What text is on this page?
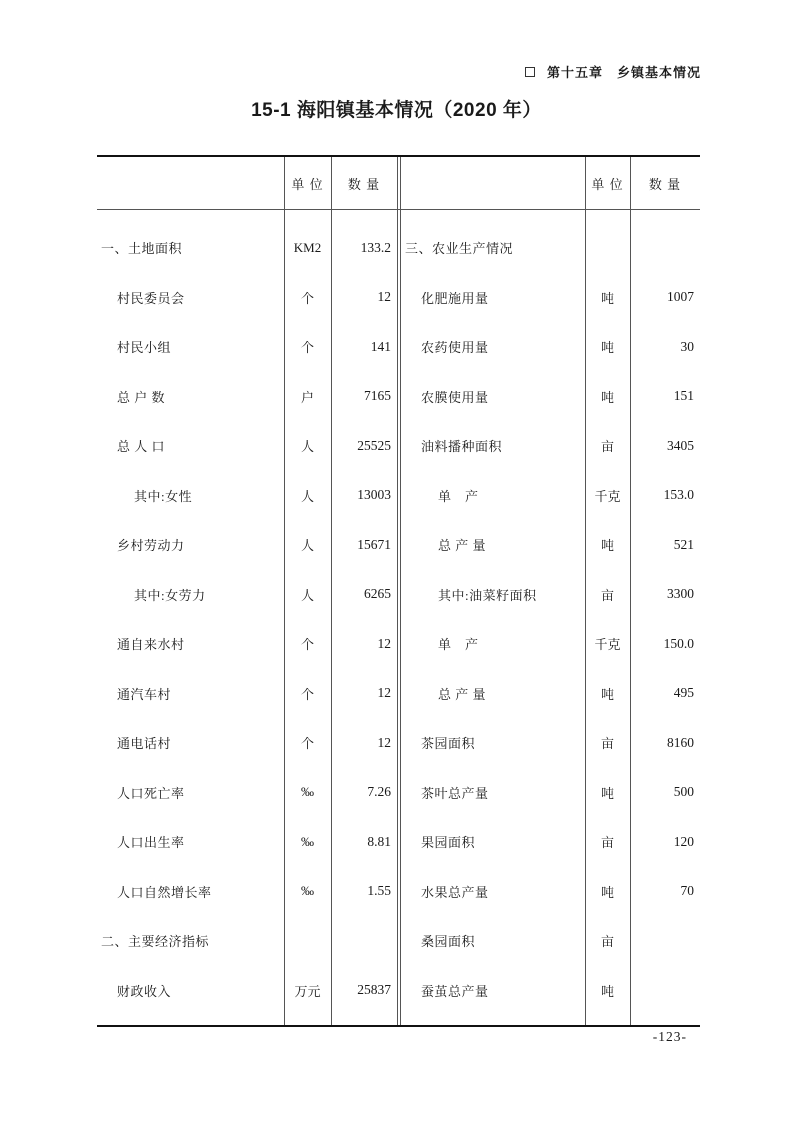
第十五章　乡镇基本情况
15-1 海阳镇基本情况（2020 年）
单 位	数 量	单 位	数 量
一、土地面积	KM2	133.2
村民委员会	个	12
村民小组	个	141
总 户 数	户	7165
总 人 口	人	25525
其中:女性	人	13003
乡村劳动力	人	15671
其中:女劳力	人	6265
通自来水村	个	12
通汽车村	个	12
通电话村	个	12
人口死亡率	‰	7.26
人口出生率	‰	8.81
人口自然增长率	‰	1.55
二、主要经济指标
财政收入	万元	25837
三、农业生产情况
化肥施用量	吨	1007
农药使用量	吨	30
农膜使用量	吨	151
油料播种面积	亩	3405
单　产	千克	153.0
总 产 量	吨	521
其中:油菜籽面积	亩	3300
单　产	千克	150.0
总 产 量	吨	495
茶园面积	亩	8160
茶叶总产量	吨	500
果园面积	亩	120
水果总产量	吨	70
桑园面积	亩
蚕茧总产量	吨
-123-
